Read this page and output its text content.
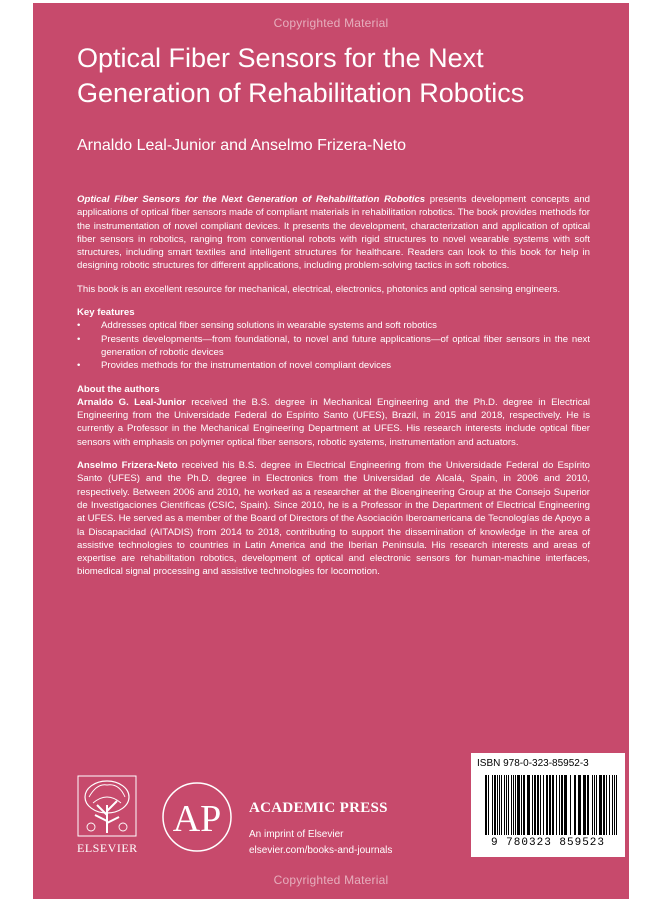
Copyrighted Material
Optical Fiber Sensors for the Next
Generation of Rehabilitation Robotics
Arnaldo Leal-Junior and Anselmo Frizera-Neto

Optical Fiber Sensors for the Next Generation of Rehabilitation Robotics presents development concepts and applications of optical fiber sensors made of compliant materials in rehabilitation robotics. The book provides methods for the instrumentation of novel compliant devices. It presents the development, characterization and application of optical fiber sensors in robotics, ranging from conventional robots with rigid structures to novel wearable systems with soft structures, including smart textiles and intelligent structures for healthcare. Readers can look to this book for help in designing robotic structures for different applications, including problem-solving tactics in soft robotics.

This book is an excellent resource for mechanical, electrical, electronics, photonics and optical sensing engineers.

Key features

• Addresses optical fiber sensing solutions in wearable systems and soft robotics
• Presents developments—from foundational, to novel and future applications—of optical fiber sensors in the next generation of robotic devices
• Provides methods for the instrumentation of novel compliant devices

About the authors

Arnaldo G. Leal-Junior received the B.S. degree in Mechanical Engineering and the Ph.D. degree in Electrical Engineering from the Universidade Federal do Espírito Santo (UFES), Brazil, in 2015 and 2018, respectively. He is currently a Professor in the Mechanical Engineering Department at UFES. His research interests include optical fiber sensors with emphasis on polymer optical fiber sensors, robotic systems, instrumentation and actuators.

Anselmo Frizera-Neto received his B.S. degree in Electrical Engineering from the Universidade Federal do Espírito Santo (UFES) and the Ph.D. degree in Electronics from the Universidad de Alcalá, Spain, in 2006 and 2010, respectively. Between 2006 and 2010, he worked as a researcher at the Bioengineering Group at the Consejo Superior de Investigaciones Científicas (CSIC, Spain). Since 2010, he is a Professor in the Department of Electrical Engineering at UFES. He served as a member of the Board of Directors of the Asociación Iberoamericana de Tecnologías de Apoyo a la Discapacidad (AITADIS) from 2014 to 2018, contributing to support the dissemination of knowledge in the area of assistive technologies to countries in Latin America and the Iberian Peninsula. His research interests and areas of expertise are rehabilitation robotics, development of optical and electronic sensors for human-machine interfaces, biomedical signal processing and assistive technologies for locomotion.

ELSEVIER
AP ACADEMIC PRESS
An imprint of Elsevier
elsevier.com/books-and-journals
ISBN 978-0-323-85952-3
9 780323 859523
Copyrighted Material
